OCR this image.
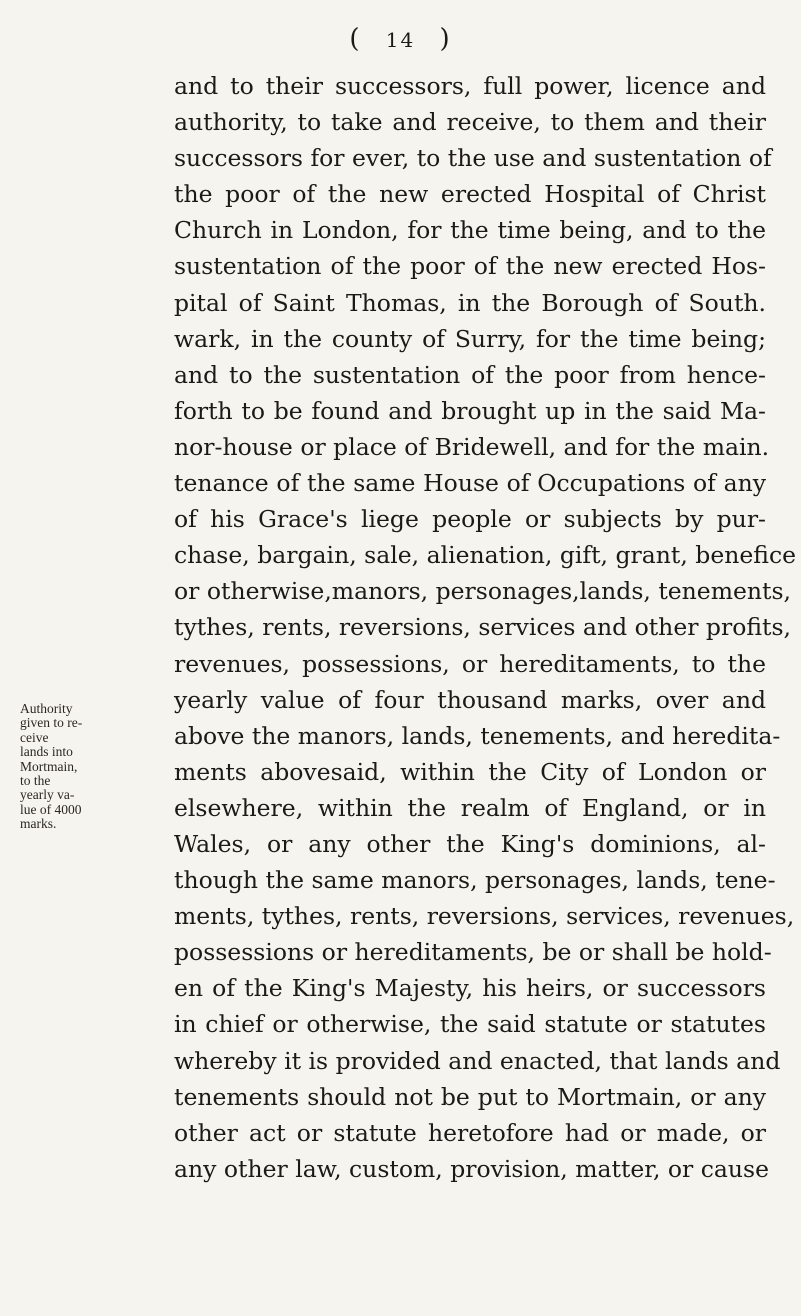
( 14 )
Authority
given to re-
ceive
lands into
Mortmain,
to the
yearly va-
lue of 4000
marks.
and to their successors, full power, licence and
authority, to take and receive, to them and their
successors for ever, to the use and sustentation of
the poor of the new erected Hospital of Christ
Church in London, for the time being, and to the
sustentation of the poor of the new erected Hos-
pital of Saint Thomas, in the Borough of South.
wark, in the county of Surry, for the time being;
and to the sustentation of the poor from hence-
forth to be found and brought up in the said Ma-
nor-house or place of Bridewell, and for the main.
tenance of the same House of Occupations of any
of his Grace's liege people or subjects by pur-
chase, bargain, sale, alienation, gift, grant, benefice
or otherwise,manors, personages,lands, tenements,
tythes, rents, reversions, services and other profits,
revenues, possessions, or hereditaments, to the
yearly value of four thousand marks, over and
above the manors, lands, tenements, and heredita-
ments abovesaid, within the City of London or
elsewhere, within the realm of England, or in
Wales, or any other the King's dominions, al-
though the same manors, personages, lands, tene-
ments, tythes, rents, reversions, services, revenues,
possessions or hereditaments, be or shall be hold-
en of the King's Majesty, his heirs, or successors
in chief or otherwise, the said statute or statutes
whereby it is provided and enacted, that lands and
tenements should not be put to Mortmain, or any
other act or statute heretofore had or made, or
any other law, custom, provision, matter, or cause
